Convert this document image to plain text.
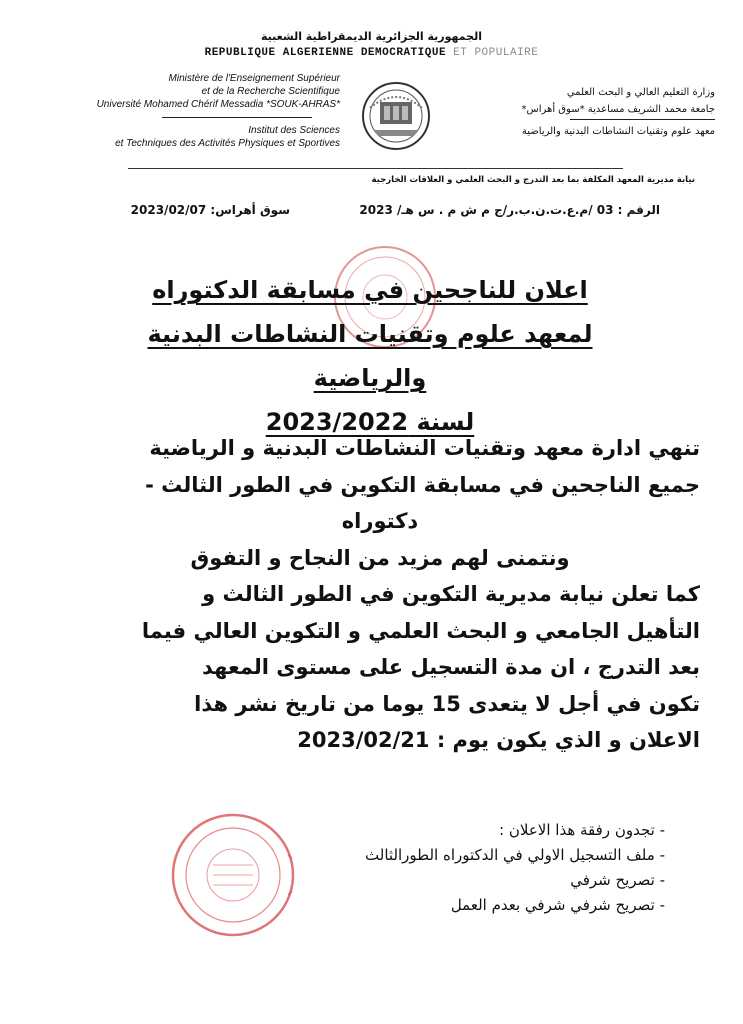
الجمهورية الجزائرية الديمقراطية الشعبية
REPUBLIQUE ALGERIENNE DEMOCRATIQUE ET POPULAIRE
Ministère de l'Enseignement Supérieur
et de la Recherche Scientifique
Université Mohamed Chérif Messadia *SOUK-AHRAS*
Institut des Sciences
et Techniques des Activités Physiques et Sportives
وزارة التعليم العالي و البحث العلمي
جامعة محمد الشريف مساعدية *سوق أهراس*
معهد علوم وتقنيات النشاطات البدنية والرياضية
نيابة مديرية المعهد المكلفة بما بعد التدرج و البحث العلمي و العلاقات الخارجية
الرقم : 03 /م.ع.ت.ن.ب.ر/ج م ش م . س هـ/ 2023
سوق أهراس: 2023/02/07
اعلان للناجحين في مسابقة الدكتوراه
لمعهد علوم وتقنيات النشاطات البدنية والرياضية
لسنة 2023/2022
تنهي ادارة معهد وتقنيات النشاطات البدنية و الرياضية
جميع الناجحين في مسابقة التكوين في الطور الثالث -
دكتوراه
ونتمنى لهم مزيد من النجاح و التفوق
كما تعلن نيابة مديرية التكوين في الطور الثالث و
التأهيل الجامعي و البحث العلمي و التكوين العالي فيما
بعد التدرج ، ان مدة التسجيل على مستوى المعهد
تكون في أجل لا يتعدى 15 يوما من تاريخ نشر هذا
الاعلان و الذي يكون يوم : 2023/02/21
- تجدون رفقة هذا الاعلان :
- ملف التسجيل الاولي في الدكتوراه الطورالثالث
- تصريح شرفي
- تصريح شرفي شرفي بعدم العمل
